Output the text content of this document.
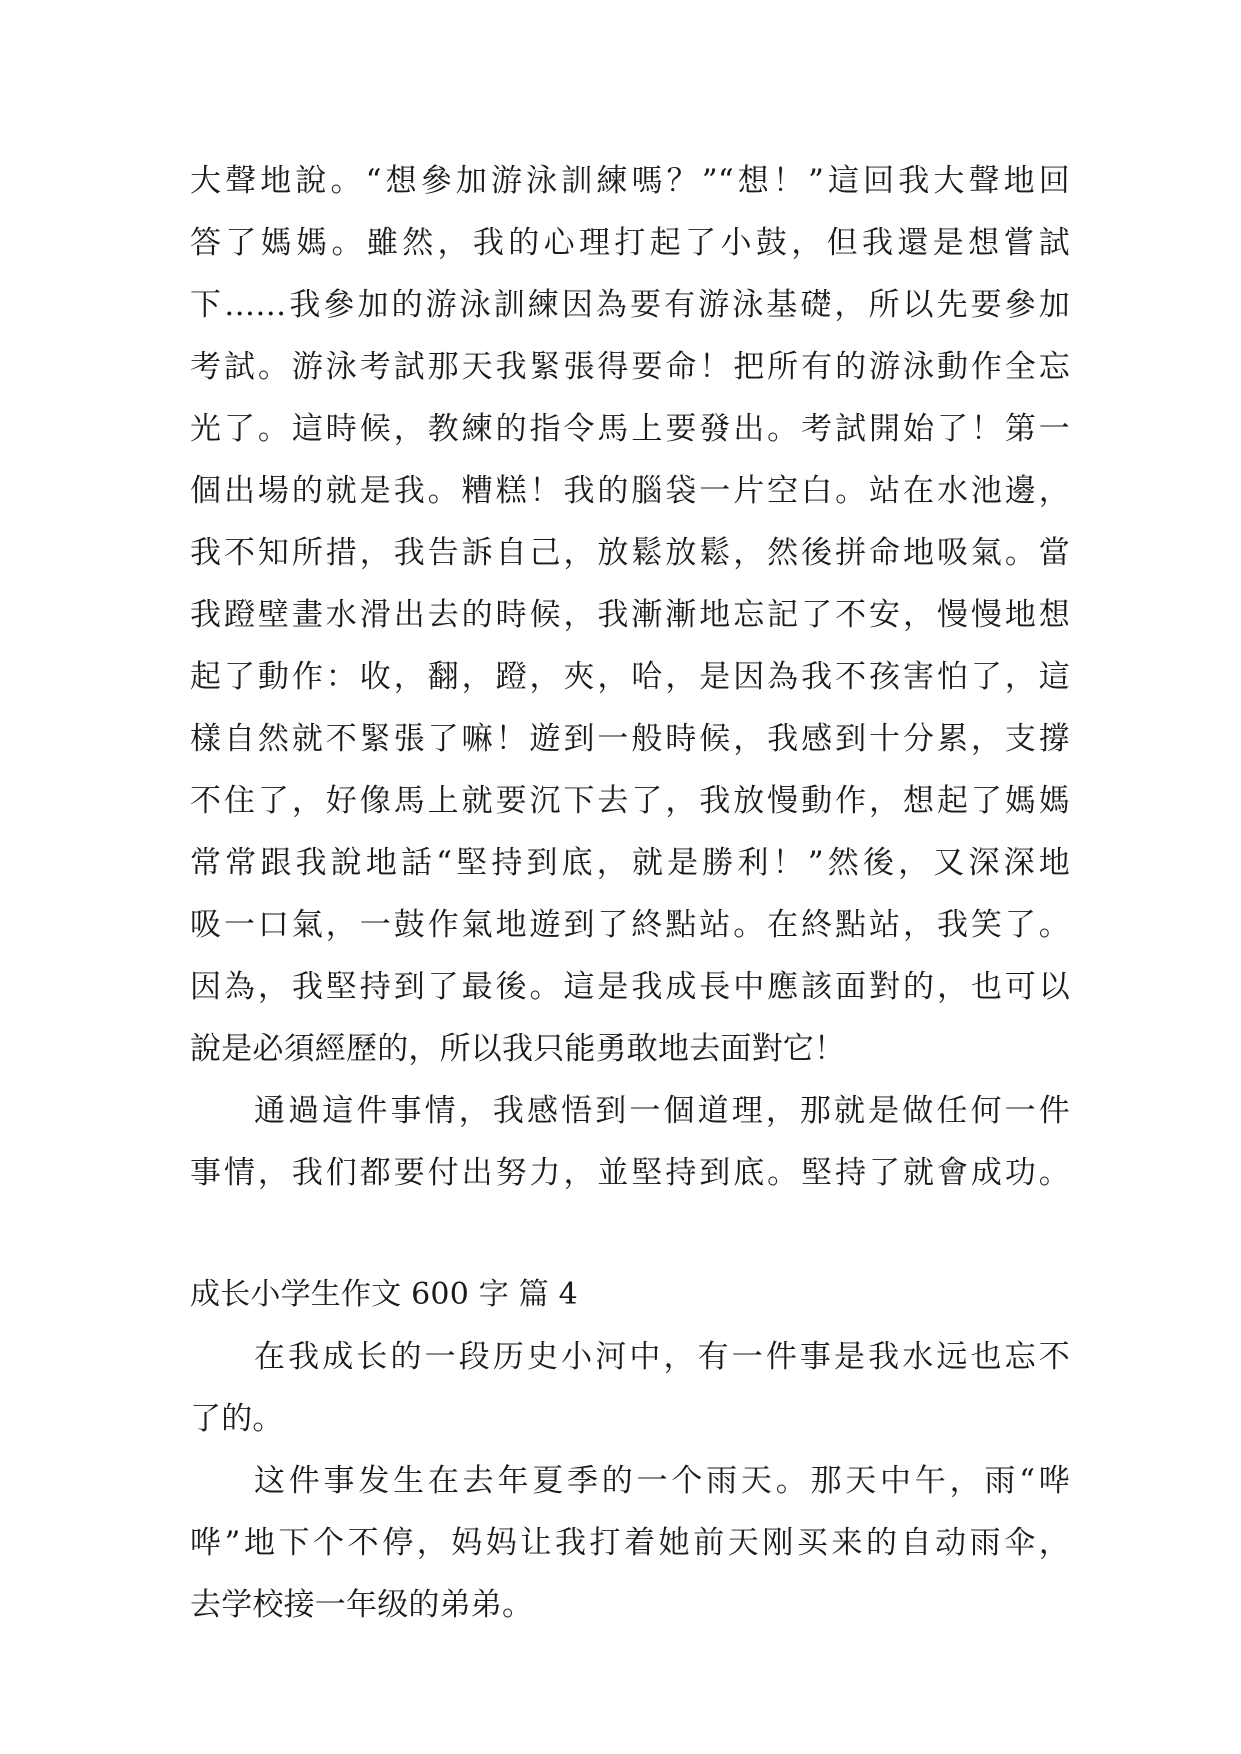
大聲地說。“想參加游泳訓練嗎？”“想！”這回我大聲地回
答了媽媽。雖然，我的心理打起了小鼓，但我還是想嘗試
下……我參加的游泳訓練因為要有游泳基礎，所以先要參加
考試。游泳考試那天我緊張得要命！把所有的游泳動作全忘
光了。這時候，教練的指令馬上要發出。考試開始了！第一
個出場的就是我。糟糕！我的腦袋一片空白。站在水池邊，
我不知所措，我告訴自己，放鬆放鬆，然後拼命地吸氣。當
我蹬壁畫水滑出去的時候，我漸漸地忘記了不安，慢慢地想
起了動作：收，翻，蹬，夾，哈，是因為我不孩害怕了，這
樣自然就不緊張了嘛！遊到一般時候，我感到十分累，支撐
不住了，好像馬上就要沉下去了，我放慢動作，想起了媽媽
常常跟我說地話“堅持到底，就是勝利！”然後，又深深地
吸一口氣，一鼓作氣地遊到了終點站。在終點站，我笑了。
因為，我堅持到了最後。這是我成長中應該面對的，也可以
說是必須經歷的，所以我只能勇敢地去面對它！
通過這件事情，我感悟到一個道理，那就是做任何一件
事情，我们都要付出努力，並堅持到底。堅持了就會成功。
成长小学生作文 600 字 篇 4
在我成长的一段历史小河中，有一件事是我水远也忘不
了的。
这件事发生在去年夏季的一个雨天。那天中午，雨“哗
哗”地下个不停，妈妈让我打着她前天刚买来的自动雨伞，
去学校接一年级的弟弟。
